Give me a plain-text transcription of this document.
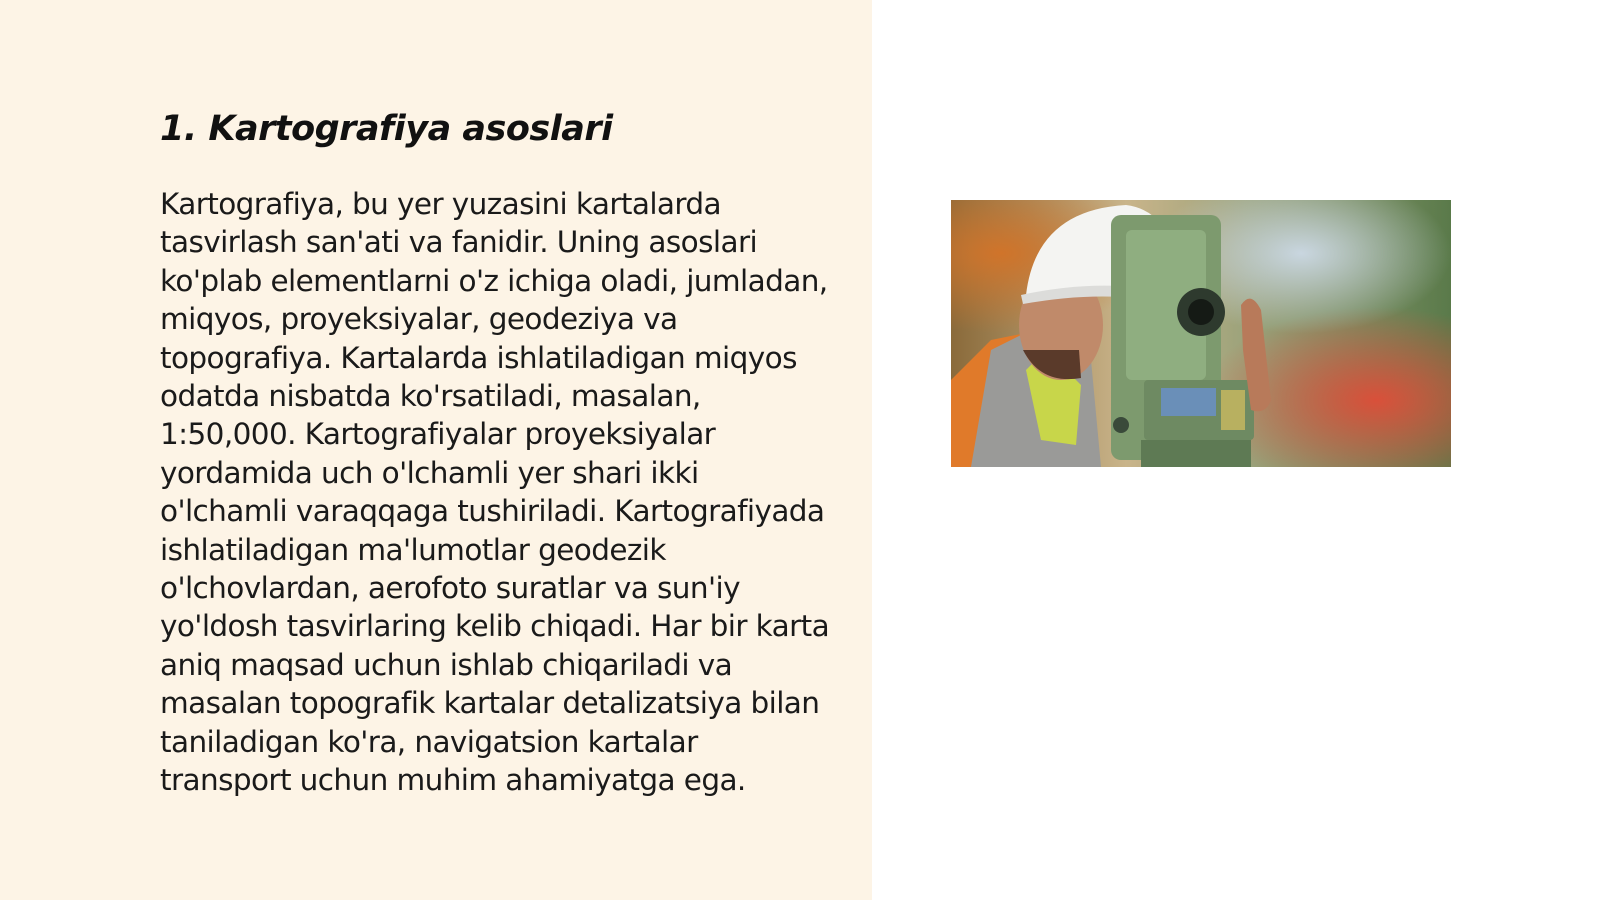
1. Kartografiya asoslari

Kartografiya, bu yer yuzasini kartalarda tasvirlash san'ati va fanidir. Uning asoslari ko'plab elementlarni o'z ichiga oladi, jumladan, miqyos, proyeksiyalar, geodeziya va topografiya. Kartalarda ishlatiladigan miqyos odatda nisbatda ko'rsatiladi, masalan, 1:50,000. Kartografiyalar proyeksiyalar yordamida uch o'lchamli yer shari ikki o'lchamli varaqqaga tushiriladi. Kartografiyada ishlatiladigan ma'lumotlar geodezik o'lchovlardan, aerofoto suratlar va sun'iy yo'ldosh tasvirlaring kelib chiqadi. Har bir karta aniq maqsad uchun ishlab chiqariladi va masalan topografik kartalar detalizatsiya bilan taniladigan ko'ra, navigatsion kartalar transport uchun muhim ahamiyatga ega.
